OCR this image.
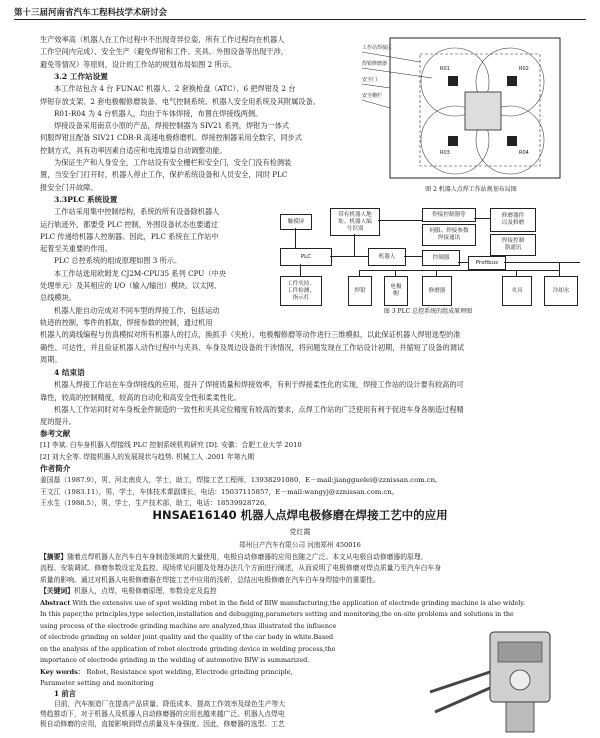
第十三届河南省汽车工程科技学术研讨会

生产效率高（机器人在工作过程中不出现奇异位姿，所有工作过程均在机器人

工作空间内完成）、安全生产（避免焊钳和工件、夹具、外围设备等出现干涉，

避免等情况）等原则，设计的工作站的规划布局如图 2 所示。

3.2 工作站设置

本工作站包含 4 台 FUNAC 机器人、2 套换枪盘（ATC）、6 把焊钳及 2 台

焊钳存放支架、2 套电极帽修磨装备、电气控制系统、机器人安全用系统及其附属设备。

R01-R04 为 4 台机器人，均由于车体焊接，布置在焊接线两侧。

焊接设备采用南京小原的产品，焊接控制器为 SIV21 系列，焊钳为一体式

伺服焊钳且配备 SIV21 CDR-R 高速电极修磨机。焊接控制器采用全数字，同步式

控制方式，具有功率因素自适应和电流增益自动调整功能。

为保证生产和人身安全，工作站设有安全栅栏和安全门，安全门没有检测装

置，当安全门打开时，机器人停止工作，保护系统设备和人员安全，同时 PLC

报安全门开故障。

3.3PLC 系统设置

工作站采用集中控制结构，系统的所有设备除机器人

运行轨迹外，都要受 PLC 控制，外围设备状态也要通过

PLC 传递给机器人控制器。因此，PLC 系统在工作站中

起着至关重要的作用。

PLC 总控系统的组成原理如图 3 所示。

本工作站选用欧姆龙 CJ2M-CPU35 系列 CPU（中央

处理单元）及其相应的 I/O（输入/输出）模块、以太网、

总线模块。

机器人能自动完成对不同车型的焊接工作，包括运动

轨迹的控制，零件的抓取，焊接参数的控制，通过机用

机器人的离线编程与仿真模拟对所有机器人的打点，换抓手（夹枪）、电极帽修磨等动作进行三维模拟，以此保证机器人焊钳选型的准

确性、可达性，并且验证机器人动作过程中与夹具、车身及周边设备的干涉情况，将问题发现在工作站设计初期，并缩短了设备的调试

周期。

4 结束语

机器人焊接工作站在车身焊接线的应用，提升了焊接质量和焊接效率，有利于焊接柔性化的实现。焊接工作站的设计要有较高的可

靠性，较高的控制精度，较高的自动化和高安全性和柔柔性化。

机器人工作站同时对车身板金件制造的一致性和夹具定位精度有较高的要求，点焊工作站的广泛使用有利于促进车身各制造过程精

度的提升。

参考文献

[1] 李斌. 白车身机器人焊接线 PLC 控制系统机构研究 [D]. 安徽：合肥工业大学 2010

[2] 刘大全等. 焊接机器人的发展现状与趋势. 机械工人 .2001 年第九期

作者简介

姜国磊（1987.9），男，河北南皮人，学士，助工，焊接工艺工程师，13938291080，E－mail:jiangguolei@zznissan.com.cn。

王文江（1983.11），男，学士，车体技术课副课长，电话：15037115857，E－mail:wangyj@zznissan.com.cn。

王水生（1988.5），男，学士，生产技术部，助工，电话：18539928726。

HNSAE16140 机器人点焊电极修磨在焊接工艺中的应用
党红霞
郑州日产汽车有限公司 河南郑州 450016

【摘要】随着点焊机器人在汽车白车身制造领域的大量使用，电极自动修磨器的应用也随之广泛。本文从电极自动修磨器的原理、

流程、安装调试、修磨参数设定及监控、现场常见问题及处理办法几个方面进行阐述，从而说明了电极修磨对焊点质量乃至汽车白车身

质量的影响。通过对机器人电极修磨器在焊接工艺中应用的浅析，总结出电极修磨在汽车白车身焊接中的重要性。

【关键词】机器人，点焊，电极修磨原理，参数设定及监控

Abstract With the extensive use of spot welding robot in the field of BIW manufacturing,the application of electrode grinding machine is also widely.

In this paper,the principles,type selection,installation and debugging,parameters setting and monitoring,the on-site problems and solutions in the

using process of the electrode grinding machine are analyzed,thus illustrated the influence

of electrode grinding on solder joint quality and the quality of the car body in white.Based

on the analysis of the application of robot electrode grinding device in welding process,the

importance of electrode grinding in the welding of automotive BIW is summarized.

Key words： Robot, Resistance spot welding, Electrode grinding principle,

Parameter setting and monitoring

1 前言

目前，汽车制造厂在提高产品质量、降低成本、提高工作效率及绿色生产等大

势趋推动下，对于机器人及机器人自动修磨器的应用也越来越广泛。机器人点焊电

极自动修磨的应用，直接影响到焊点质量及车身强度。因此，修磨器的选型、工艺

工作站焊接区
焊钳修磨器
安全门
安全栅栏
R01	R02
R03	R04
图 2 机器人点焊工作站规划布局图
触摸屏
带有机器人地
址、机器人编
号识别
焊接控制器等
伺服、焊接参数
焊接通讯
修磨器件
以及修磨
焊接控制
器通讯
PLC	机器人	控制器
Profibus
工件夹持、
工件检测、
指示灯
焊钳
电极
帽
修磨器	夹具	冷却水
图 3 PLC 总控系统的组成原理图
